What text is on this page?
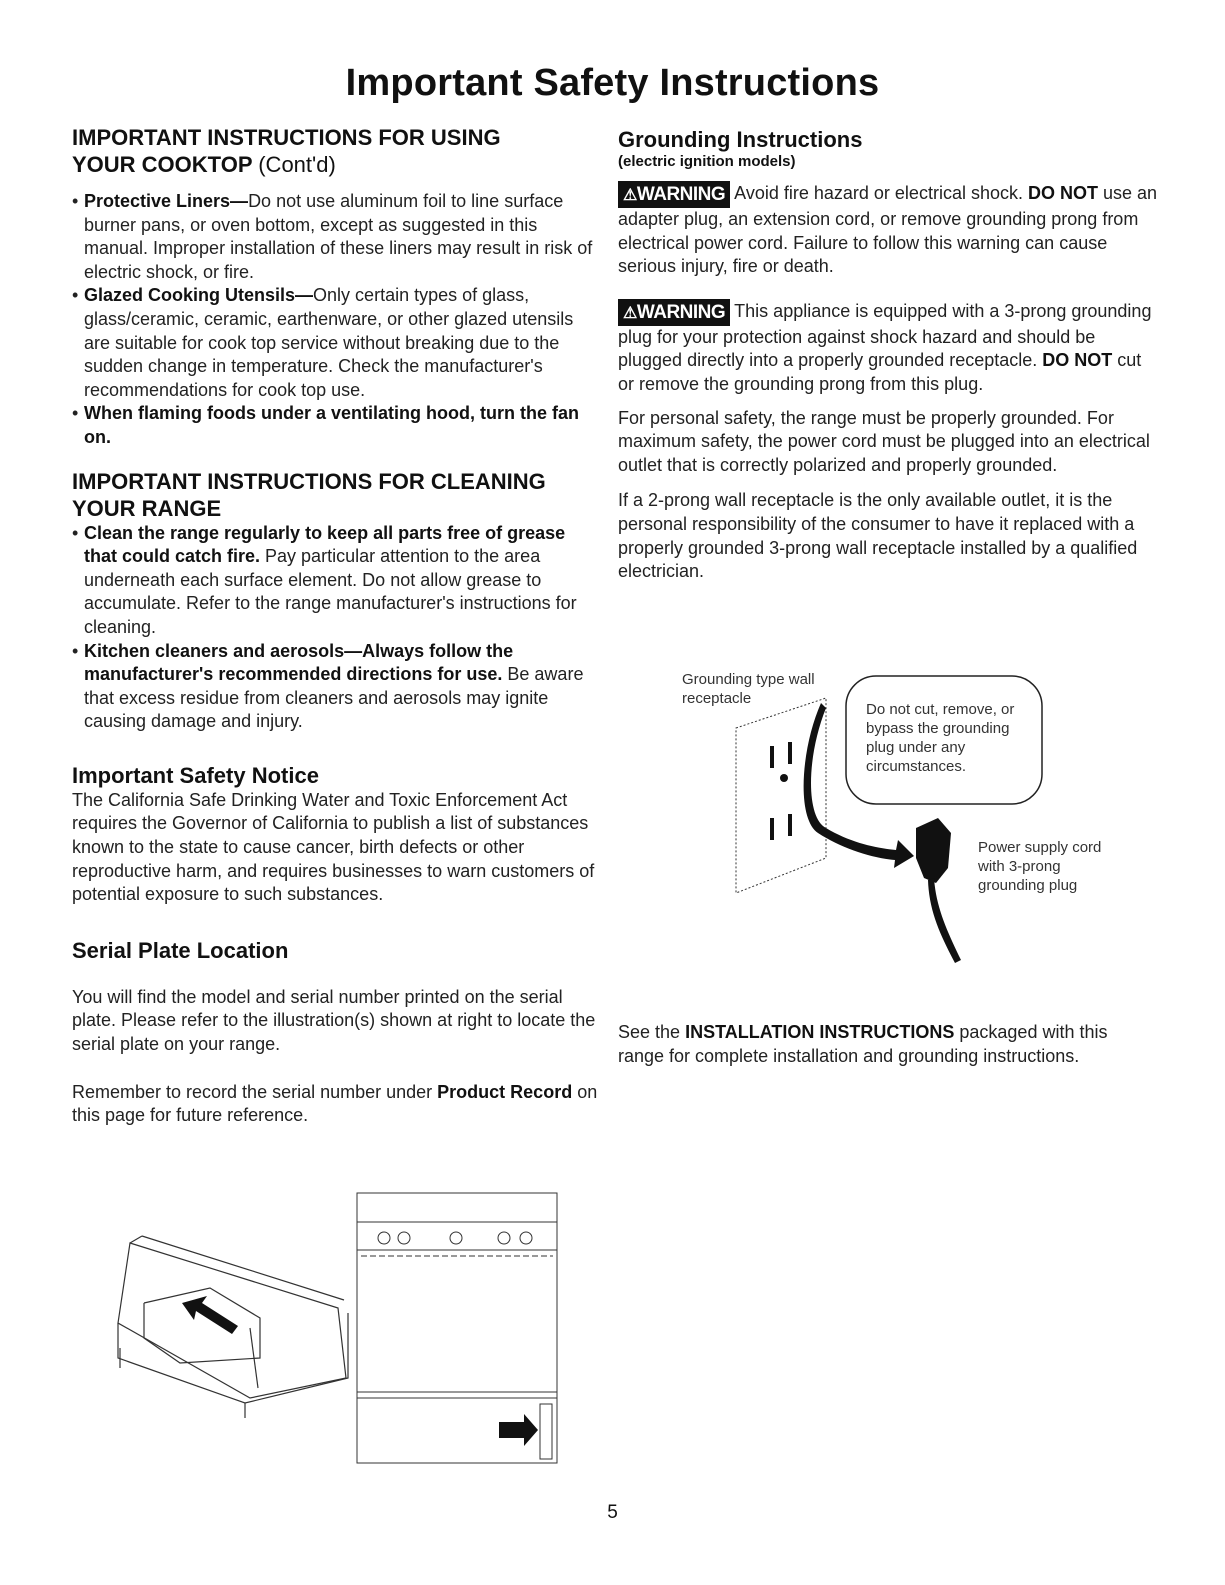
Important Safety Instructions
IMPORTANT INSTRUCTIONS FOR USING
YOUR COOKTOP (Cont'd)
• Protective Liners—Do not use aluminum foil to line surface burner pans, or oven bottom, except as suggested in this manual. Improper installation of these liners may result in risk of electric shock, or fire.
• Glazed Cooking Utensils—Only certain types of glass, glass/ceramic, ceramic, earthenware, or other glazed utensils are suitable for cook top service without breaking due to the sudden change in temperature. Check the manufacturer's recommendations for cook top use.
• When flaming foods under a ventilating hood, turn the fan on.
IMPORTANT INSTRUCTIONS FOR CLEANING
YOUR RANGE
• Clean the range regularly to keep all parts free of grease that could catch fire. Pay particular attention to the area underneath each surface element. Do not allow grease to accumulate. Refer to the range manufacturer's instructions for cleaning.
• Kitchen cleaners and aerosols—Always follow the manufacturer's recommended directions for use. Be aware that excess residue from cleaners and aerosols may ignite causing damage and injury.
Important Safety Notice

The California Safe Drinking Water and Toxic Enforcement Act requires the Governor of California to publish a list of substances known to the state to cause cancer, birth defects or other reproductive harm, and requires businesses to warn customers of potential exposure to such substances.

Serial Plate Location

You will find the model and serial number printed on the serial plate. Please refer to the illustration(s) shown at right to locate the serial plate on your range.

Remember to record the serial number under Product Record on this page for future reference.

Grounding Instructions
(electric ignition models)

⚠WARNING Avoid fire hazard or electrical shock. DO NOT use an adapter plug, an extension cord, or remove grounding prong from electrical power cord. Failure to follow this warning can cause serious injury, fire or death.

⚠WARNING This appliance is equipped with a 3-prong grounding plug for your protection against shock hazard and should be plugged directly into a properly grounded receptacle. DO NOT cut or remove the grounding prong from this plug.

For personal safety, the range must be properly grounded. For maximum safety, the power cord must be plugged into an electrical outlet that is correctly polarized and properly grounded.

If a 2-prong wall receptacle is the only available outlet, it is the personal responsibility of the consumer to have it replaced with a properly grounded 3-prong wall receptacle installed by a qualified electrician.

Grounding type wall receptacle
Do not cut, remove, or bypass the grounding plug under any circumstances.
Power supply cord with 3-prong grounding plug

See the INSTALLATION INSTRUCTIONS packaged with this range for complete installation and grounding instructions.

5
